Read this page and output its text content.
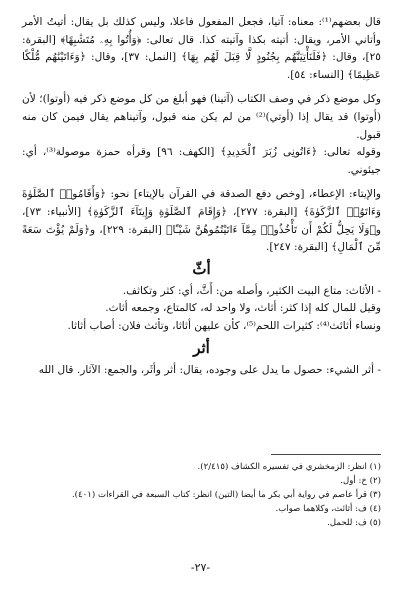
قال بعضهم⁽¹⁾: معناه: آتيا، فجعل المفعول فاعلا، وليس كذلك بل يقال: أتيتُ الأمر وأتاني الأمر، ويقال: أتيته بكذا وآتيته كذا. قال تعالى: ﴿وَأُتُوا بِهِۦ مُتَشَٰبِهًا﴾ [البقرة: ٢٥]، وقال: ﴿فَلَنَأْتِيَنَّهُم بِجُنُودٍ لَّا قِبَلَ لَهُم بِهَا﴾ [النمل: ٣٧]، وقال: ﴿وَءَاتَيْنَٰهُم مُّلْكًا عَظِيمًا﴾ [النساء: ٥٤].

وكل موضع ذكر في وصف الكتاب (آتينا) فهو أبلغ من كل موضع ذكر فيه (أوتوا)؛ لأن (أوتوا) قد يقال إذا (أوتي)⁽²⁾ من لم يكن منه قبول، وآتيناهم يقال فيمن كان منه قبول.

وقوله تعالى: ﴿ءَاتُونِى زُبَرَ ٱلْحَدِيدِ﴾ [الكهف: ٩٦] وقرأه حمزة موصولة⁽³⁾، أي: جيئوني.

والإيتاء: الإعطاء، [وخص دفع الصدقة في القرآن بالإيتاء] نحو: ﴿وَأَقَامُوا۟ ٱلصَّلَوٰةَ وَءَاتَوُا۟ ٱلزَّكَوٰةَ﴾ [البقرة: ٢٧٧]، ﴿وَإِقَامَ ٱلصَّلَوٰةِ وَإِيتَآءَ ٱلزَّكَوٰةِ﴾ [الأنبياء: ٧٣]، و﴿وَلَا يَحِلُّ لَكُمْ أَن تَأْخُذُوا۟ مِمَّآ ءَاتَيْتُمُوهُنَّ شَيْـًٔا﴾ [البقرة: ٢٢٩]، و﴿وَلَمْ يُؤْتَ سَعَةً مِّنَ ٱلْمَالِ﴾ [البقرة: ٢٤٧].

أثّ

- الأثاث: متاع البيت الكثير، وأصله من: أَثَّ، أي: كثر وتكاثف.

وقيل للمال كله إذا كثر: أثاث، ولا واحد له، كالمتاع، وجمعه أثاث.

ونساء أثائث⁽⁴⁾: كثيرات اللحم⁽⁵⁾، كأن عليهن أثاثا، وتأثث فلان: أصاب أثاثا.

أثر

- أثر الشيء: حصول ما يدل على وجوده، يقال: أثر وأثَر، والجمع: الآثار. قال الله

(١) انظر: الزمخشري في تفسيره الكشاف (٢/٤١٥).

(٢) خ: أول.

(٣) قرأ عاصم في رواية أبي بكر ما أيضا (التين) انظر: كتاب السبعة في القراءات (٤٠١).

(٤) ف: أثائث، وكلاهما صواب.

(٥) ف: للحمل.

-٢٧-
